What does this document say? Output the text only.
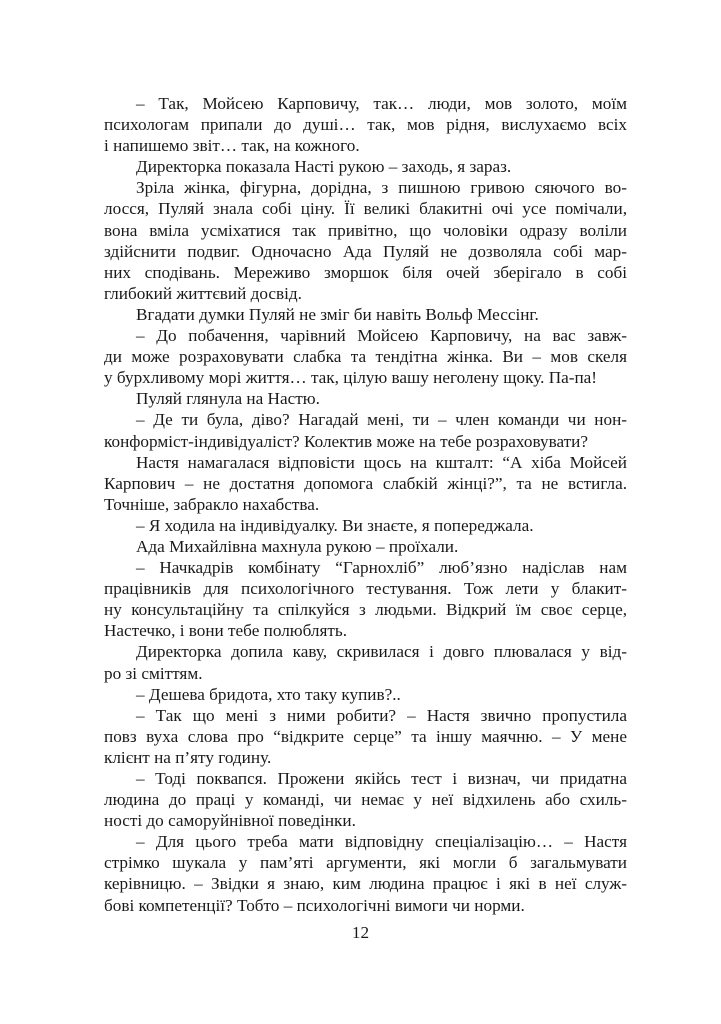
– Так, Мойсею Карповичу, так… люди, мов золото, моїм
психологам припали до душі… так, мов рідня, вислухаємо всіх
і напишемо звіт… так, на кожного.
Директорка показала Насті рукою – заходь, я зараз.
Зріла жінка, фігурна, дорідна, з пишною гривою сяючого во-
лосся, Пуляй знала собі ціну. Її великі блакитні очі усе помічали,
вона вміла усміхатися так привітно, що чоловіки одразу воліли
здійснити подвиг. Одночасно Ада Пуляй не дозволяла собі мар-
них сподівань. Мереживо зморшок біля очей зберігало в собі
глибокий життєвий досвід.
Вгадати думки Пуляй не зміг би навіть Вольф Мессінг.
– До побачення, чарівний Мойсею Карповичу, на вас завж-
ди може розраховувати слабка та тендітна жінка. Ви – мов скеля
у бурхливому морі життя… так, цілую вашу неголену щоку. Па-па!
Пуляй глянула на Настю.
– Де ти була, діво? Нагадай мені, ти – член команди чи нон-
конформіст-індивідуаліст? Колектив може на тебе розраховувати?
Настя намагалася відповісти щось на кшталт: “А хіба Мойсей
Карпович – не достатня допомога слабкій жінці?”, та не встигла.
Точніше, забракло нахабства.
– Я ходила на індивідуалку. Ви знаєте, я попереджала.
Ада Михайлівна махнула рукою – проїхали.
– Начкадрів комбінату “Гарнохліб” люб’язно надіслав нам
працівників для психологічного тестування. Тож лети у блакит-
ну консультаційну та спілкуйся з людьми. Відкрий їм своє серце,
Настечко, і вони тебе полюблять.
Директорка допила каву, скривилася і довго плювалася у від-
ро зі сміттям.
– Дешева бридота, хто таку купив?..
– Так що мені з ними робити? – Настя звично пропустила
повз вуха слова про “відкрите серце” та іншу маячню. – У мене
клієнт на п’яту годину.
– Тоді поквапся. Прожени якійсь тест і визнач, чи придатна
людина до праці у команді, чи немає у неї відхилень або схиль-
ності до саморуйнівної поведінки.
– Для цього треба мати відповідну спеціалізацію… – Настя
стрімко шукала у пам’яті аргументи, які могли б загальмувати
керівницю. – Звідки я знаю, ким людина працює і які в неї служ-
бові компетенції? Тобто – психологічні вимоги чи норми.
12
